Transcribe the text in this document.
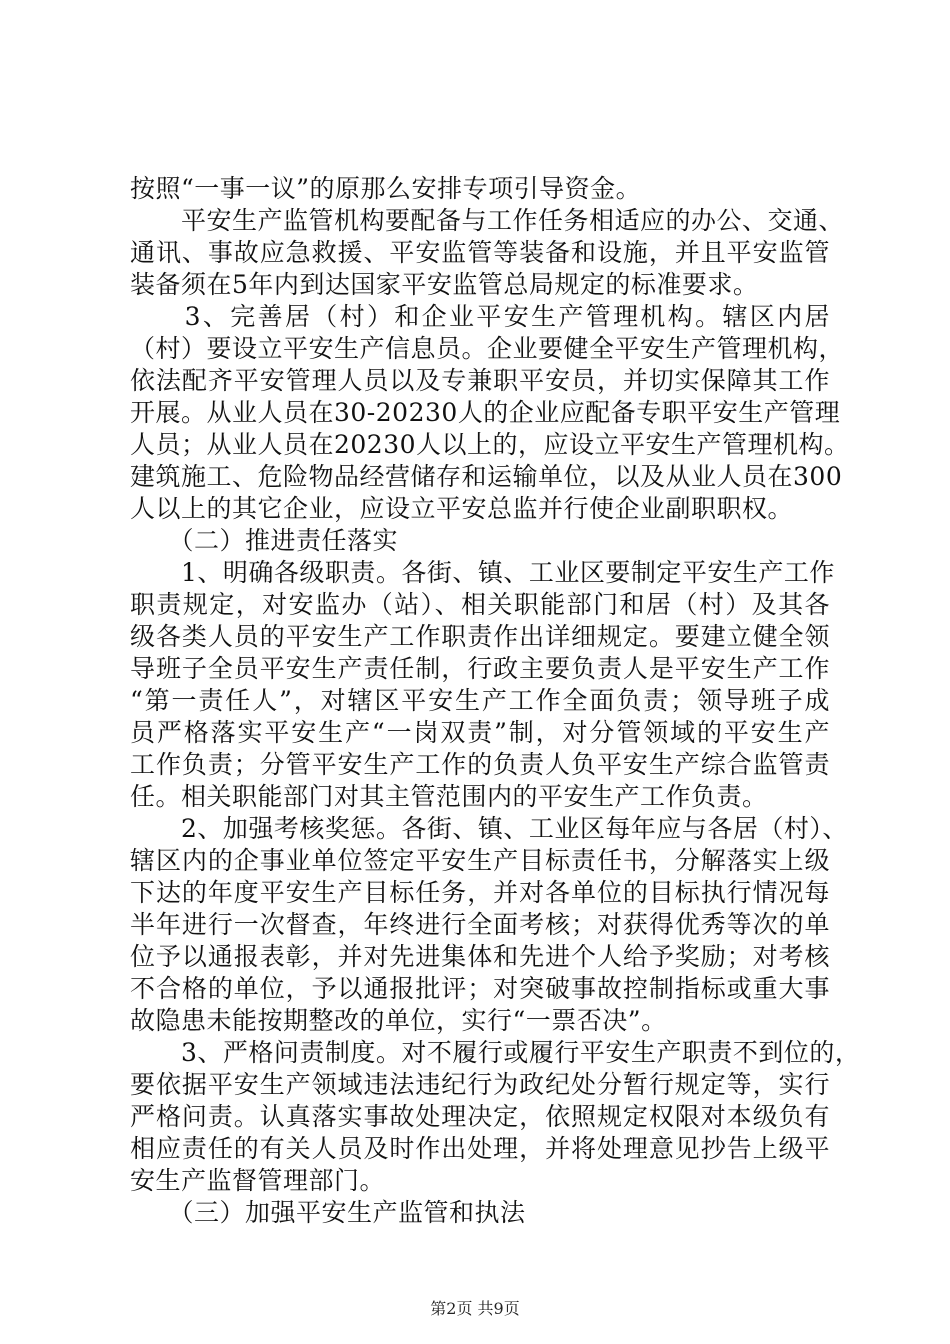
按照“一事一议”的原那么安排专项引导资金。
　　平安生产监管机构要配备与工作任务相适应的办公、交通、
通讯、事故应急救援、平安监管等装备和设施，并且平安监管
装备须在5年内到达国家平安监管总局规定的标准要求。
　　3、完善居（村）和企业平安生产管理机构。辖区内居
（村）要设立平安生产信息员。企业要健全平安生产管理机构，
依法配齐平安管理人员以及专兼职平安员，并切实保障其工作
开展。从业人员在30-20230人的企业应配备专职平安生产管理
人员；从业人员在20230人以上的，应设立平安生产管理机构。
建筑施工、危险物品经营储存和运输单位，以及从业人员在300
人以上的其它企业，应设立平安总监并行使企业副职职权。
　　（二）推进责任落实
　　1、明确各级职责。各街、镇、工业区要制定平安生产工作
职责规定，对安监办（站）、相关职能部门和居（村）及其各
级各类人员的平安生产工作职责作出详细规定。要建立健全领
导班子全员平安生产责任制，行政主要负责人是平安生产工作
“第一责任人”，对辖区平安生产工作全面负责；领导班子成
员严格落实平安生产“一岗双责”制，对分管领域的平安生产
工作负责；分管平安生产工作的负责人负平安生产综合监管责
任。相关职能部门对其主管范围内的平安生产工作负责。
　　2、加强考核奖惩。各街、镇、工业区每年应与各居（村）、
辖区内的企事业单位签定平安生产目标责任书，分解落实上级
下达的年度平安生产目标任务，并对各单位的目标执行情况每
半年进行一次督查，年终进行全面考核；对获得优秀等次的单
位予以通报表彰，并对先进集体和先进个人给予奖励；对考核
不合格的单位，予以通报批评；对突破事故控制指标或重大事
故隐患未能按期整改的单位，实行“一票否决”。
　　3、严格问责制度。对不履行或履行平安生产职责不到位的，
要依据平安生产领域违法违纪行为政纪处分暂行规定等，实行
严格问责。认真落实事故处理决定，依照规定权限对本级负有
相应责任的有关人员及时作出处理，并将处理意见抄告上级平
安生产监督管理部门。
　　（三）加强平安生产监管和执法
第2页 共9页
